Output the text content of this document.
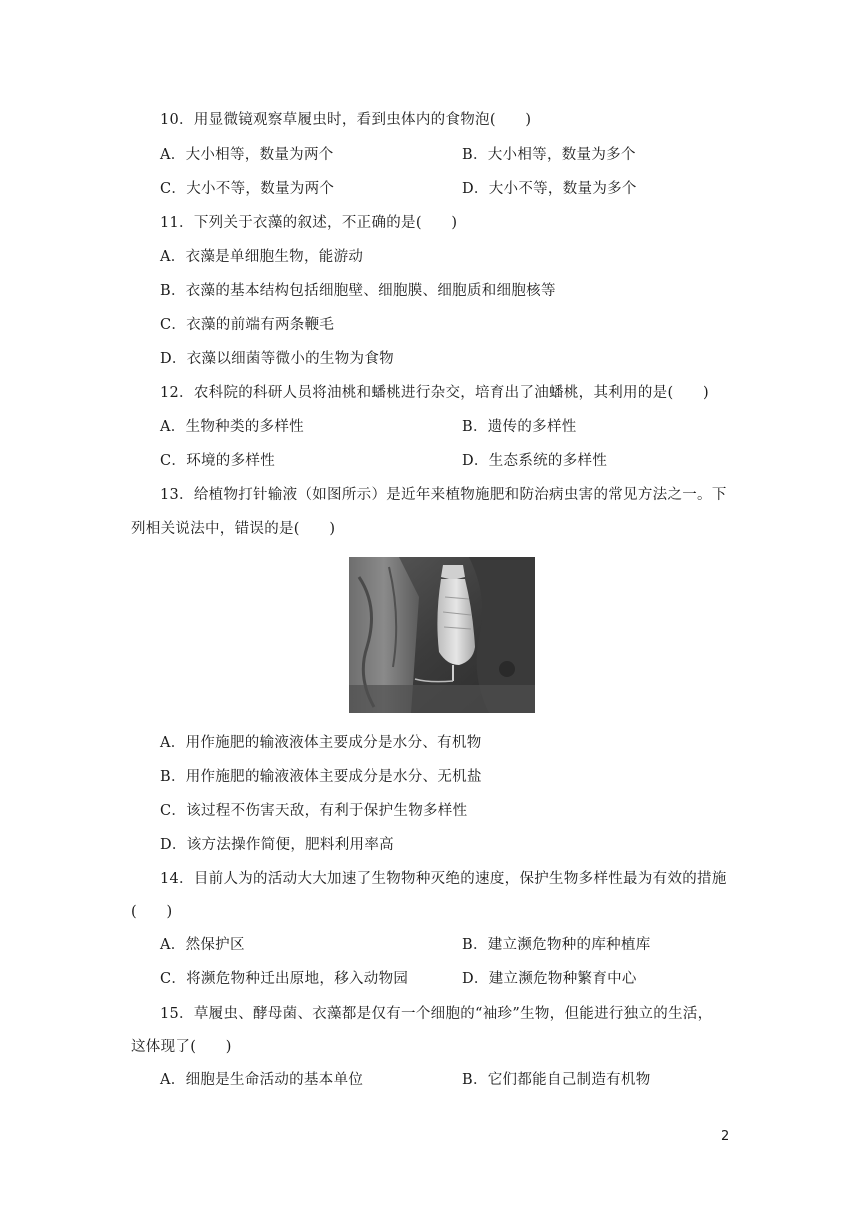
10．用显微镜观察草履虫时，看到虫体内的食物泡(　　)
A．大小相等，数量为两个	B．大小相等，数量为多个
C．大小不等，数量为两个	D．大小不等，数量为多个
11．下列关于衣藻的叙述，不正确的是(　　)
A．衣藻是单细胞生物，能游动
B．衣藻的基本结构包括细胞壁、细胞膜、细胞质和细胞核等
C．衣藻的前端有两条鞭毛
D．衣藻以细菌等微小的生物为食物
12．农科院的科研人员将油桃和蟠桃进行杂交，培育出了油蟠桃，其利用的是(　　)
A．生物种类的多样性	B．遗传的多样性
C．环境的多样性	D．生态系统的多样性
13．给植物打针输液（如图所示）是近年来植物施肥和防治病虫害的常见方法之一。下
列相关说法中，错误的是(　　)
A．用作施肥的输液液体主要成分是水分、有机物
B．用作施肥的输液液体主要成分是水分、无机盐
C．该过程不伤害天敌，有利于保护生物多样性
D．该方法操作简便，肥料利用率高
14．目前人为的活动大大加速了生物物种灭绝的速度，保护生物多样性最为有效的措施
(　　)
A．然保护区	B．建立濒危物种的库种植库
C．将濒危物种迁出原地，移入动物园	D．建立濒危物种繁育中心
15．草履虫、酵母菌、衣藻都是仅有一个细胞的“袖珍”生物，但能进行独立的生活，
这体现了(　　)
A．细胞是生命活动的基本单位	B．它们都能自己制造有机物
2
